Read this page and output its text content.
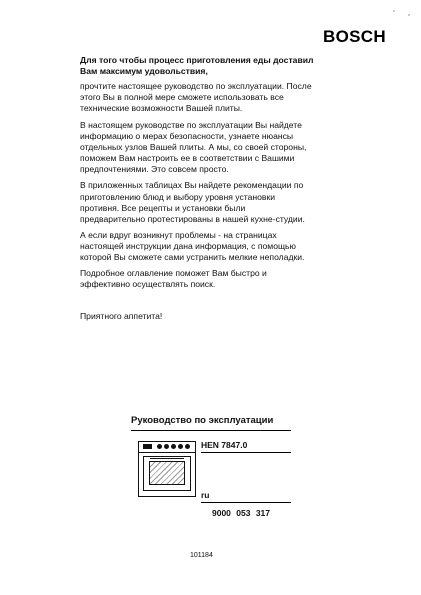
BOSCH

Для того чтобы процесс приготовления еды доставил

Вам максимум удовольствия,

прочтите настоящее руководство по эксплуатации. После

этого Вы в полной мере сможете использовать все

технические возможности Вашей плиты.

В настоящем руководстве по эксплуатации Вы найдете

информацию о мерах безопасности, узнаете нюансы

отдельных узлов Вашей плиты. А мы, со своей стороны,

поможем Вам настроить ее в соответствии с Вашими

предпочтениями. Это совсем просто.

В приложенных таблицах Вы найдете рекомендации по

приготовлению блюд и выбору уровня установки

противня. Все рецепты и установки были

предварительно протестированы в нашей кухне-студии.

А если вдруг возникнут проблемы - на страницах

настоящей инструкции дана информация, с помощью

которой Вы сможете сами устранить мелкие неполадки.

Подробное оглавление поможет Вам быстро и

эффективно осуществлять поиск.

Приятного аппетита!

Руководство по эксплуатации
HEN 7847.0
ru
9000 053 317
101184
